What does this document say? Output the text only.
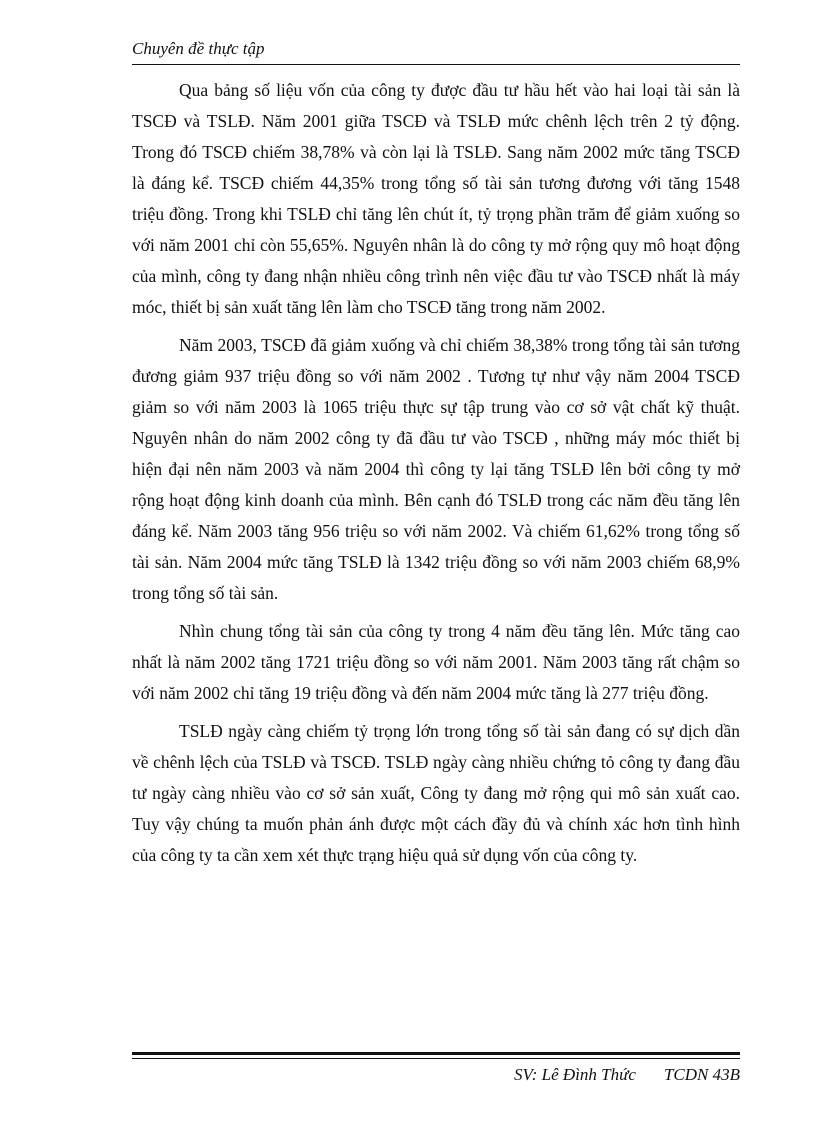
Chuyên đề thực tập

Qua bảng số liệu vốn của công ty được đầu tư hầu hết vào hai loại tài sản là TSCĐ và TSLĐ. Năm 2001 giữa TSCĐ và TSLĐ mức chênh lệch trên 2 tỷ động. Trong đó TSCĐ chiếm 38,78% và còn lại là TSLĐ. Sang năm 2002 mức tăng TSCĐ là đáng kể. TSCĐ chiếm 44,35% trong tổng số tài sản tương đương với tăng 1548 triệu đồng. Trong khi TSLĐ chỉ tăng lên chút ít, tỷ trọng phần trăm để giảm xuống so với năm 2001 chỉ còn 55,65%. Nguyên nhân là do công ty mở rộng quy mô hoạt động của mình, công ty đang nhận nhiều công trình nên việc đầu tư vào TSCĐ nhất là máy móc, thiết bị sản xuất tăng lên làm cho TSCĐ tăng trong năm 2002.

Năm 2003, TSCĐ đã giảm xuống và chỉ chiếm 38,38% trong tổng tài sản tương đương giảm 937 triệu đồng so với năm 2002 . Tương tự như vậy năm 2004 TSCĐ giảm so với năm 2003 là 1065 triệu thực sự tập trung vào cơ sở vật chất kỹ thuật. Nguyên nhân do năm 2002 công ty đã đầu tư vào TSCĐ , những máy móc thiết bị hiện đại nên năm 2003 và năm 2004 thì công ty lại tăng TSLĐ lên bởi công ty mở rộng hoạt động kinh doanh của mình. Bên cạnh đó TSLĐ trong các năm đều tăng lên đáng kể. Năm 2003 tăng 956 triệu so với năm 2002. Và chiếm 61,62% trong tổng số tài sản. Năm 2004 mức tăng TSLĐ là 1342 triệu đồng so với năm 2003 chiếm 68,9% trong tổng số tài sản.

Nhìn chung tổng tài sản của công ty trong 4 năm đều tăng lên. Mức tăng cao nhất là năm 2002 tăng 1721 triệu đồng so với năm 2001. Năm 2003 tăng rất chậm so với năm 2002 chỉ tăng 19 triệu đồng và đến năm 2004 mức tăng là 277 triệu đồng.

TSLĐ ngày càng chiếm tỷ trọng lớn trong tổng số tài sản đang có sự dịch dần về chênh lệch của TSLĐ và TSCĐ. TSLĐ ngày càng nhiều chứng tỏ công ty đang đầu tư ngày càng nhiều vào cơ sở sản xuất, Công ty đang mở rộng qui mô sản xuất cao. Tuy vậy chúng ta muốn phản ánh được một cách đầy đủ và chính xác hơn tình hình của công ty ta cần xem xét thực trạng hiệu quả sử dụng vốn của công ty.

SV: Lê Đình Thức TCDN 43B
